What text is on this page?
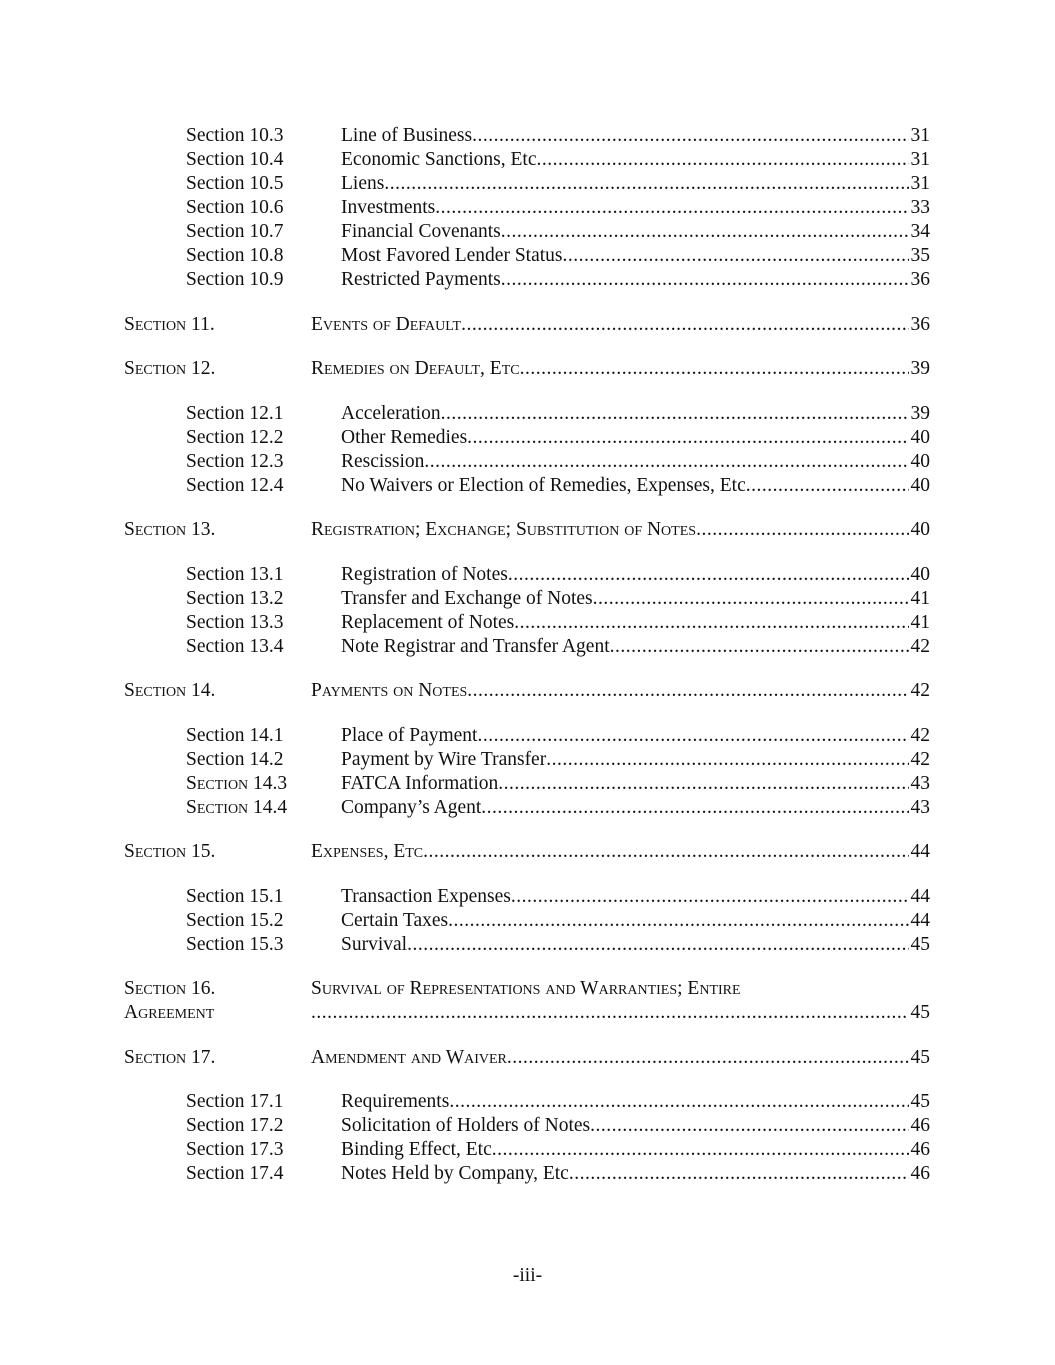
Section 10.3	Line of Business .....	31
Section 10.4	Economic Sanctions, Etc .....	31
Section 10.5	Liens .....	31
Section 10.6	Investments .....	33
Section 10.7	Financial Covenants .....	34
Section 10.8	Most Favored Lender Status .....	35
Section 10.9	Restricted Payments .....	36
Section 11.	Events of Default .....	36
Section 12.	Remedies on Default, Etc .....	39
Section 12.1	Acceleration .....	39
Section 12.2	Other Remedies .....	40
Section 12.3	Rescission .....	40
Section 12.4	No Waivers or Election of Remedies, Expenses, Etc .....	40
Section 13.	Registration; Exchange; Substitution of Notes .....	40
Section 13.1	Registration of Notes .....	40
Section 13.2	Transfer and Exchange of Notes .....	41
Section 13.3	Replacement of Notes .....	41
Section 13.4	Note Registrar and Transfer Agent .....	42
Section 14.	Payments on Notes .....	42
Section 14.1	Place of Payment .....	42
Section 14.2	Payment by Wire Transfer .....	42
Section 14.3	FATCA Information .....	43
Section 14.4	Company’s Agent .....	43
Section 15.	Expenses, Etc .....	44
Section 15.1	Transaction Expenses .....	44
Section 15.2	Certain Taxes .....	44
Section 15.3	Survival .....	45
Section 16.	Survival of Representations and Warranties; Entire
Agreement .....	45
Section 17.	Amendment and Waiver .....	45
Section 17.1	Requirements .....	45
Section 17.2	Solicitation of Holders of Notes .....	46
Section 17.3	Binding Effect, Etc .....	46
Section 17.4	Notes Held by Company, Etc .....	46
-iii-
